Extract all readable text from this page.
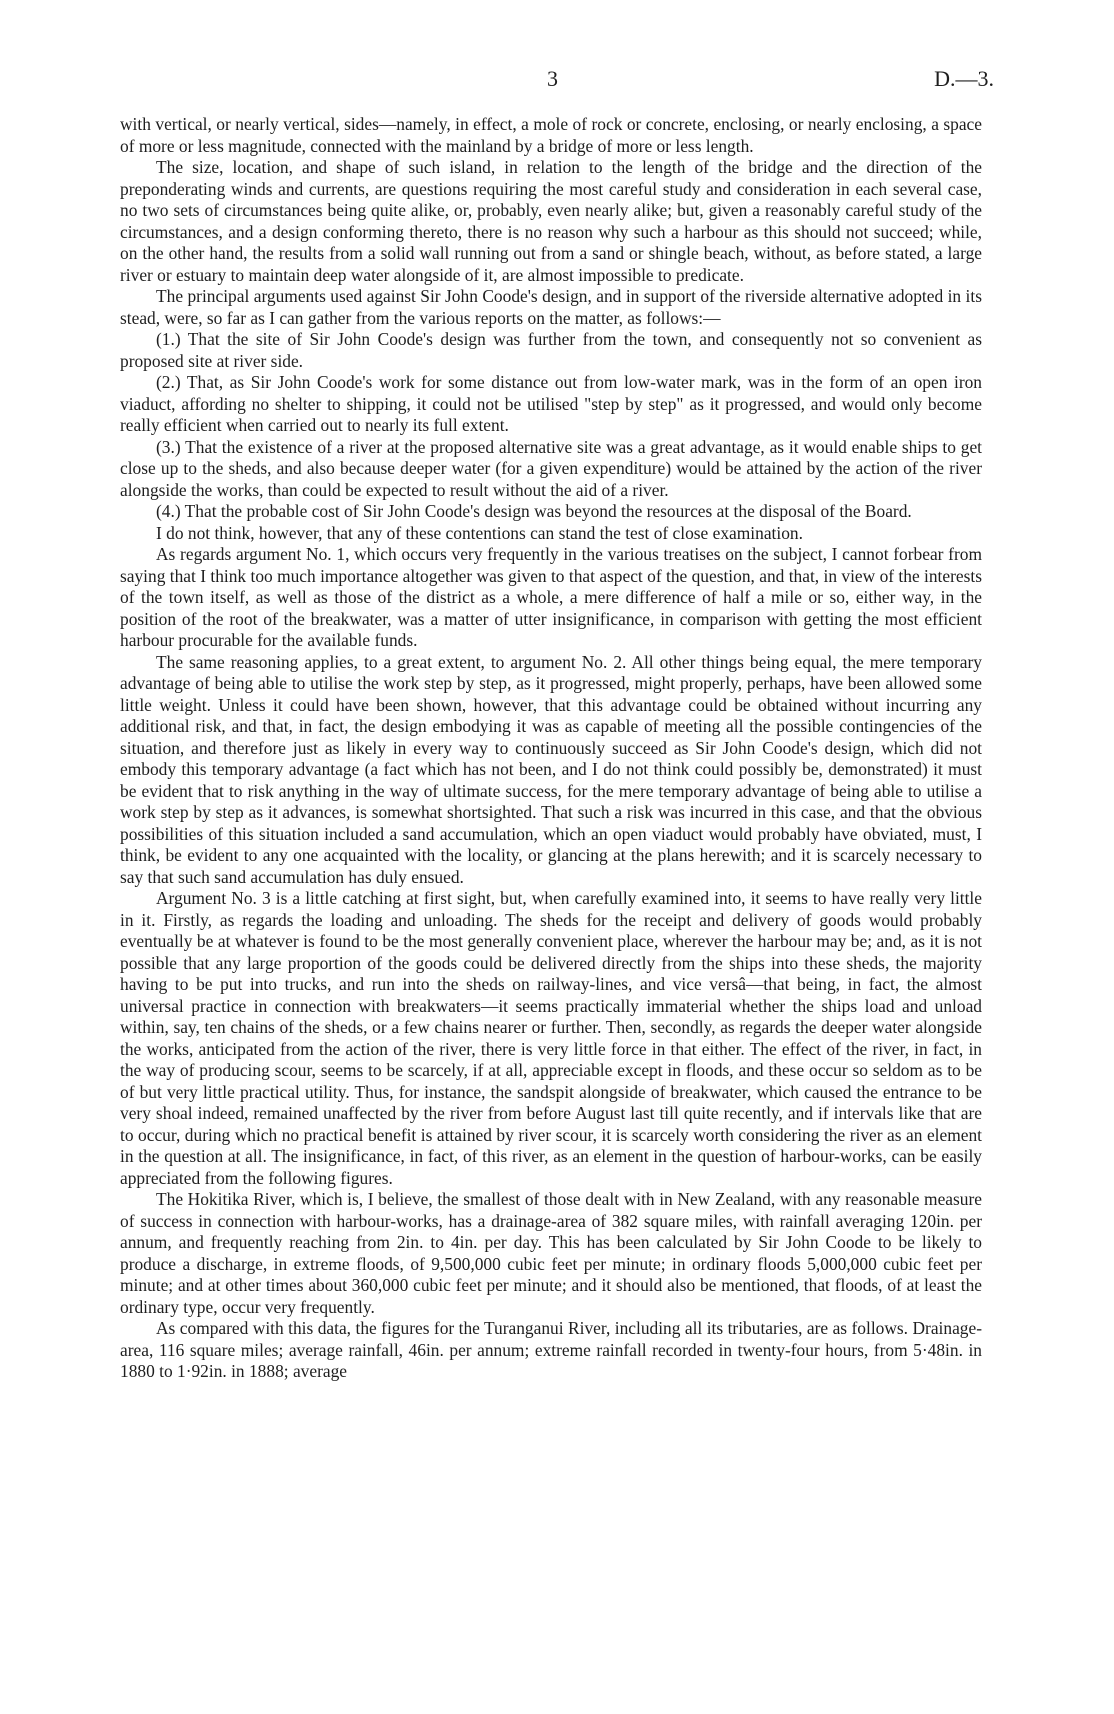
3	D.—3.

with vertical, or nearly vertical, sides—namely, in effect, a mole of rock or concrete, enclosing, or nearly enclosing, a space of more or less magnitude, connected with the mainland by a bridge of more or less length.

The size, location, and shape of such island, in relation to the length of the bridge and the direction of the preponderating winds and currents, are questions requiring the most careful study and consideration in each several case, no two sets of circumstances being quite alike, or, probably, even nearly alike; but, given a reasonably careful study of the circumstances, and a design conforming thereto, there is no reason why such a harbour as this should not succeed; while, on the other hand, the results from a solid wall running out from a sand or shingle beach, without, as before stated, a large river or estuary to maintain deep water alongside of it, are almost impossible to predicate.

The principal arguments used against Sir John Coode's design, and in support of the riverside alternative adopted in its stead, were, so far as I can gather from the various reports on the matter, as follows:—

(1.) That the site of Sir John Coode's design was further from the town, and consequently not so convenient as proposed site at river side.

(2.) That, as Sir John Coode's work for some distance out from low-water mark, was in the form of an open iron viaduct, affording no shelter to shipping, it could not be utilised "step by step" as it progressed, and would only become really efficient when carried out to nearly its full extent.

(3.) That the existence of a river at the proposed alternative site was a great advantage, as it would enable ships to get close up to the sheds, and also because deeper water (for a given expenditure) would be attained by the action of the river alongside the works, than could be expected to result without the aid of a river.

(4.) That the probable cost of Sir John Coode's design was beyond the resources at the disposal of the Board.

I do not think, however, that any of these contentions can stand the test of close examination.

As regards argument No. 1, which occurs very frequently in the various treatises on the subject, I cannot forbear from saying that I think too much importance altogether was given to that aspect of the question, and that, in view of the interests of the town itself, as well as those of the district as a whole, a mere difference of half a mile or so, either way, in the position of the root of the breakwater, was a matter of utter insignificance, in comparison with getting the most efficient harbour procurable for the available funds.

The same reasoning applies, to a great extent, to argument No. 2. All other things being equal, the mere temporary advantage of being able to utilise the work step by step, as it progressed, might properly, perhaps, have been allowed some little weight. Unless it could have been shown, however, that this advantage could be obtained without incurring any additional risk, and that, in fact, the design embodying it was as capable of meeting all the possible contingencies of the situation, and therefore just as likely in every way to continuously succeed as Sir John Coode's design, which did not embody this temporary advantage (a fact which has not been, and I do not think could possibly be, demonstrated) it must be evident that to risk anything in the way of ultimate success, for the mere temporary advantage of being able to utilise a work step by step as it advances, is somewhat shortsighted. That such a risk was incurred in this case, and that the obvious possibilities of this situation included a sand accumulation, which an open viaduct would probably have obviated, must, I think, be evident to any one acquainted with the locality, or glancing at the plans herewith; and it is scarcely necessary to say that such sand accumulation has duly ensued.

Argument No. 3 is a little catching at first sight, but, when carefully examined into, it seems to have really very little in it. Firstly, as regards the loading and unloading. The sheds for the receipt and delivery of goods would probably eventually be at whatever is found to be the most generally convenient place, wherever the harbour may be; and, as it is not possible that any large proportion of the goods could be delivered directly from the ships into these sheds, the majority having to be put into trucks, and run into the sheds on railway-lines, and vice versâ—that being, in fact, the almost universal practice in connection with breakwaters—it seems practically immaterial whether the ships load and unload within, say, ten chains of the sheds, or a few chains nearer or further. Then, secondly, as regards the deeper water alongside the works, anticipated from the action of the river, there is very little force in that either. The effect of the river, in fact, in the way of producing scour, seems to be scarcely, if at all, appreciable except in floods, and these occur so seldom as to be of but very little practical utility. Thus, for instance, the sandspit alongside of breakwater, which caused the entrance to be very shoal indeed, remained unaffected by the river from before August last till quite recently, and if intervals like that are to occur, during which no practical benefit is attained by river scour, it is scarcely worth considering the river as an element in the question at all. The insignificance, in fact, of this river, as an element in the question of harbour-works, can be easily appreciated from the following figures.

The Hokitika River, which is, I believe, the smallest of those dealt with in New Zealand, with any reasonable measure of success in connection with harbour-works, has a drainage-area of 382 square miles, with rainfall averaging 120in. per annum, and frequently reaching from 2in. to 4in. per day. This has been calculated by Sir John Coode to be likely to produce a discharge, in extreme floods, of 9,500,000 cubic feet per minute; in ordinary floods 5,000,000 cubic feet per minute; and at other times about 360,000 cubic feet per minute; and it should also be mentioned, that floods, of at least the ordinary type, occur very frequently.

As compared with this data, the figures for the Turanganui River, including all its tributaries, are as follows. Drainage-area, 116 square miles; average rainfall, 46in. per annum; extreme rainfall recorded in twenty-four hours, from 5·48in. in 1880 to 1·92in. in 1888; average
